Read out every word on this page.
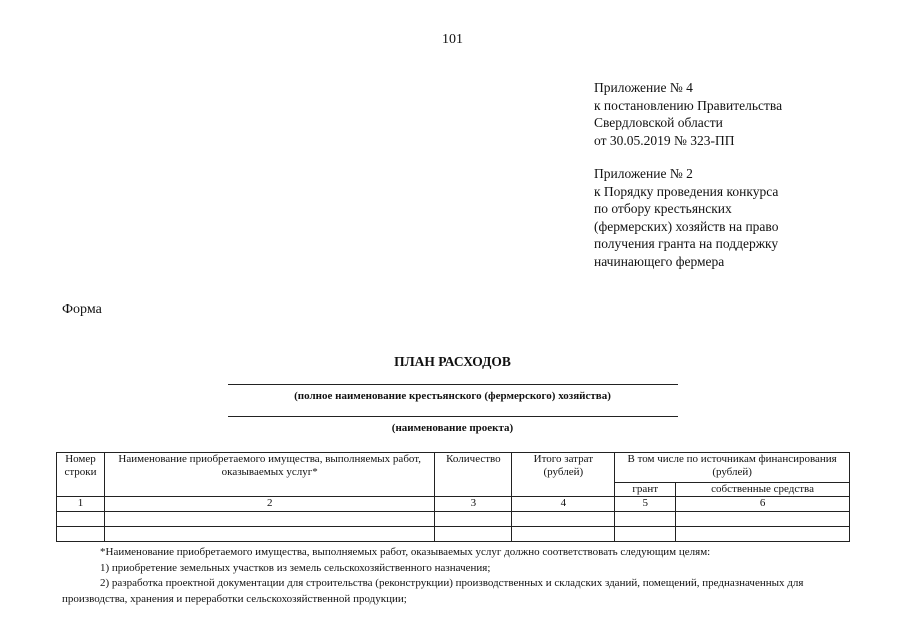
101
Приложение № 4
к постановлению Правительства
Свердловской области
от 30.05.2019 № 323-ПП
Приложение № 2
к Порядку проведения конкурса
по отбору крестьянских
(фермерских) хозяйств на право
получения гранта на поддержку
начинающего фермера
Форма
ПЛАН РАСХОДОВ
(полное наименование крестьянского (фермерского) хозяйства)
(наименование проекта)
Номер строки	Наименование приобретаемого имущества, выполняемых работ, оказываемых услуг*	Количество	Итого затрат (рублей)	В том числе по источникам финансирования (рублей)	
				грант	собственные средства
1	2	3	4	5	6

*Наименование приобретаемого имущества, выполняемых работ, оказываемых услуг должно соответствовать следующим целям:

1) приобретение земельных участков из земель сельскохозяйственного назначения;

2) разработка проектной документации для строительства (реконструкции) производственных и складских зданий, помещений, предназначенных для производства, хранения и переработки сельскохозяйственной продукции;
